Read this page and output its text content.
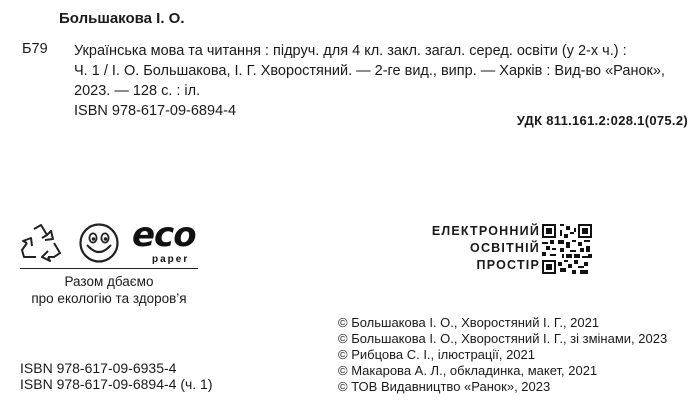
Большакова І. О.
Б79 Українська мова та читання : підруч. для 4 кл. закл. загал. серед. освіти (у 2-х ч.) :
Ч. 1 / І. О. Большакова, І. Г. Хворостяний. — 2-ге вид., випр. — Харків : Вид-во «Ранок»,
2023. — 128 с. : іл.
ISBN 978-617-09-6894-4
УДК 811.161.2:028.1(075.2)
eco
paper
Разом дбаємо
про екологію та здоров’я
ЕЛЕКТРОННИЙ
ОСВІТНІЙ
ПРОСТІР
ISBN 978-617-09-6935-4
ISBN 978-617-09-6894-4 (ч. 1)
© Большакова І. О., Хворостяний І. Г., 2021
© Большакова І. О., Хворостяний І. Г., зі змінами, 2023
© Рибцова С. І., ілюстрації, 2021
© Макарова А. Л., обкладинка, макет, 2021
© ТОВ Видавництво «Ранок», 2023
